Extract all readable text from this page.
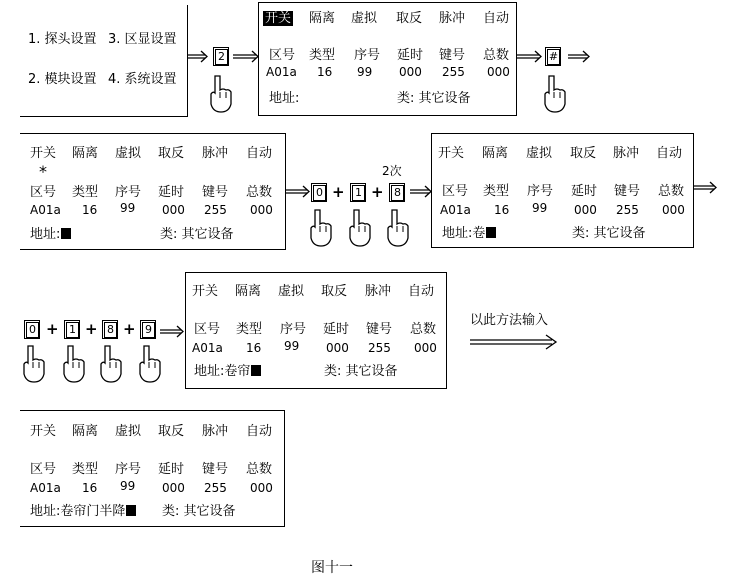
1. 探头设置 3. 区显设置
2. 模块设置 4. 系统设置
2
开关 隔离 虚拟 取反 脉冲 自动
区号 类型 序号 延时 键号 总数
A01a 16 99 000 255 000
地址:	类: 其它设备
#
开关 隔离 虚拟 取反 脉冲 自动
*
区号 类型 序号 延时 键号 总数
A01a 16 99 000 255 000
地址:	类: 其它设备
0 + 1 +
2次
8
开关 隔离 虚拟 取反 脉冲 自动
区号 类型 序号 延时 键号 总数
A01a 16 99 000 255 000
地址:卷	类: 其它设备
0 + 1 + 8 + 9
开关 隔离 虚拟 取反 脉冲 自动
区号 类型 序号 延时 键号 总数
A01a 16 99 000 255 000
地址:卷帘	类: 其它设备
以此方法输入
开关 隔离 虚拟 取反 脉冲 自动
区号 类型 序号 延时 键号 总数
A01a 16 99 000 255 000
地址:卷帘门半降	类: 其它设备
图十一
